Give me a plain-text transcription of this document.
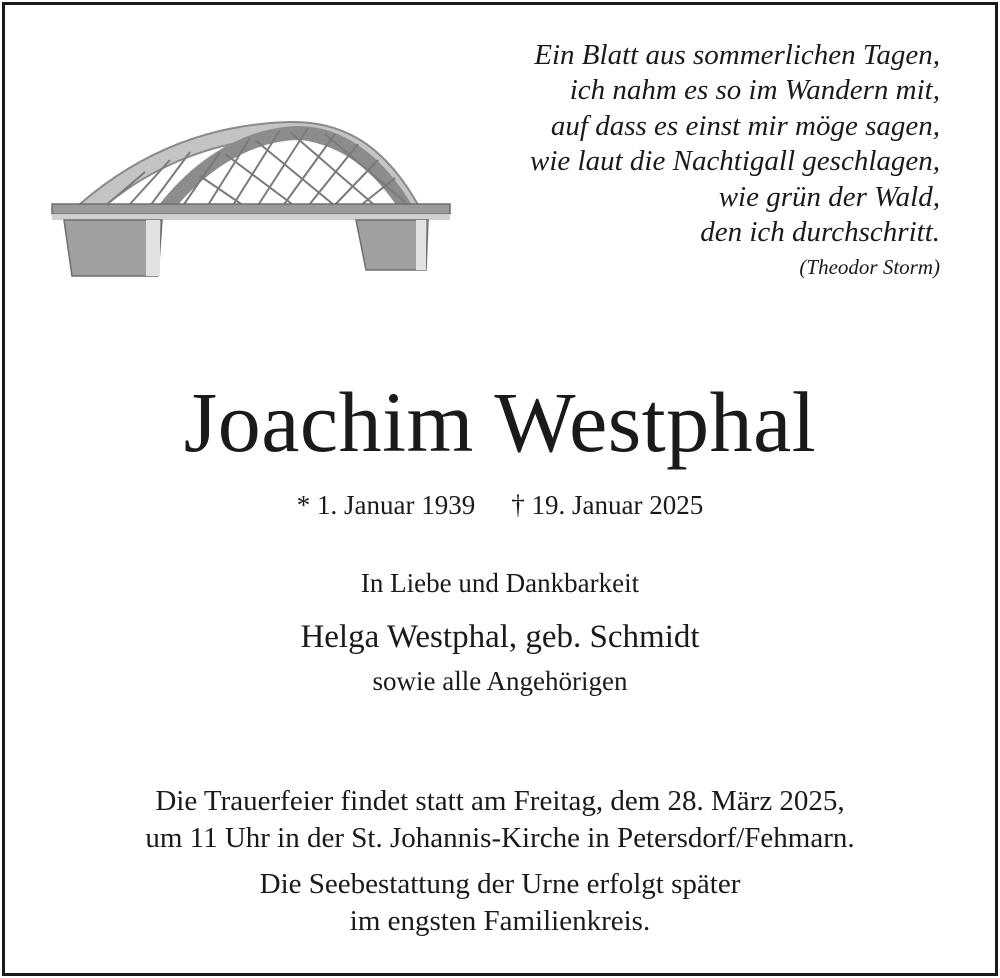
Ein Blatt aus sommerlichen Tagen,
ich nahm es so im Wandern mit,
auf dass es einst mir möge sagen,
wie laut die Nachtigall geschlagen,
wie grün der Wald,
den ich durchschritt.
(Theodor Storm)
Joachim Westphal
* 1. Januar 1939 † 19. Januar 2025
In Liebe und Dankbarkeit
Helga Westphal, geb. Schmidt
sowie alle Angehörigen
Die Trauerfeier findet statt am Freitag, dem 28. März 2025,
um 11 Uhr in der St. Johannis-Kirche in Petersdorf/Fehmarn.
Die Seebestattung der Urne erfolgt später
im engsten Familienkreis.
